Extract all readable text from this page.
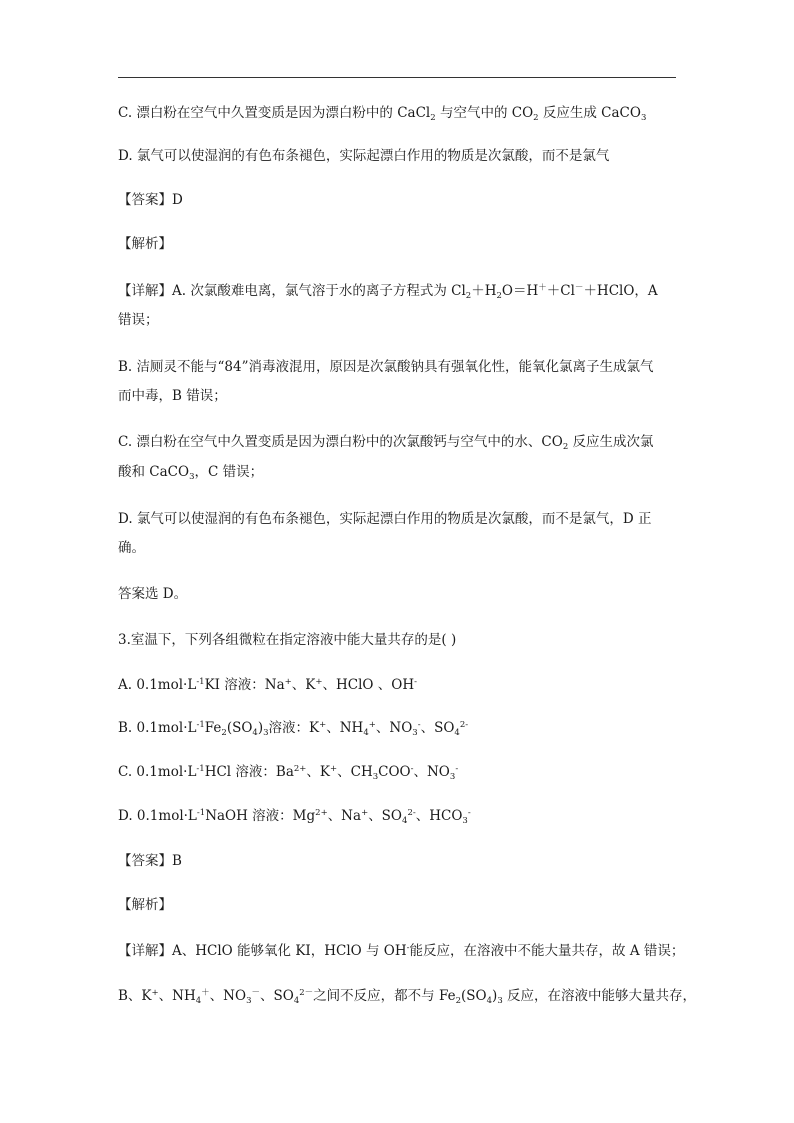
C. 漂白粉在空气中久置变质是因为漂白粉中的 CaCl$_2$ 与空气中的 $CO_2$ 反应生成 CaCO$_3$
D. 氯气可以使湿润的有色布条褪色，实际起漂白作用的物质是次氯酸，而不是氯气
【答案】D
【解析】
【详解】A. 次氯酸难电离，氯气溶于水的离子方程式为 $Cl_2+H_2O=H^++Cl^-+HClO$，A
错误；
B. 洁厕灵不能与“84”消毒液混用，原因是次氯酸钠具有强氧化性，能氧化氯离子生成氯气
而中毒，B 错误；
C. 漂白粉在空气中久置变质是因为漂白粉中的次氯酸钙与空气中的水、$CO_2$ 反应生成次氯
酸和 CaCO$_3$，C 错误；
D. 氯气可以使湿润的有色布条褪色，实际起漂白作用的物质是次氯酸，而不是氯气，D 正
确。
答案选 D。
3.室温下，下列各组微粒在指定溶液中能大量共存的是( )
A. $0.1mol\cdot L^{-1}KI$ 溶液：Na+、K+、HClO 、OH-
B. $0.1mol\cdot L^{-1}Fe_2(SO_4)_3$溶液：K+、$NH_4^+$、$NO_3^-$、$SO_4^{2-}$
C. $0.1mol\cdot L^{-1}HCl$ 溶液：$Ba^{2+}$、K+、$CH_3COO^-$、$NO_3^-$
D. $0.1mol\cdot L^{-1}NaOH$ 溶液：$Mg^{2+}$、Na+、$SO_4^{2-}$、$HCO_3^-$
【答案】B
【解析】
【详解】A、HClO 能够氧化 KI，HClO 与 OH-能反应，在溶液中不能大量共存，故 A 错误；
B、K+、$NH_4^+$、$NO_3^-$、$SO_4^{2-}$之间不反应，都不与 $Fe_2(SO_4)_3$ 反应，在溶液中能够大量共存，
